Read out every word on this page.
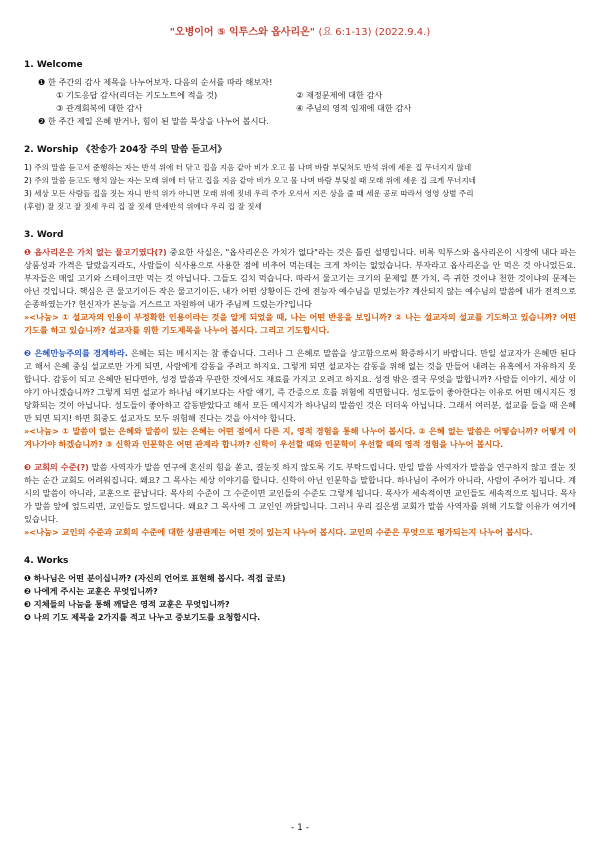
"오병이어 ⑤ 익투스와 옵사리온" (요 6:1-13) (2022.9.4.)
1. Welcome
❶ 한 주간의 감사 제목을 나누어보자. 다음의 순서를 따라 해보자!
① 기도응답 감사(리더는 기도노트에 적을 것)	② 재정문제에 대한 감사
③ 관계회복에 대한 감사	④ 주님의 영적 임재에 대한 감사
❷ 한 주간 제일 은혜 받거나, 힘이 된 말씀 묵상을 나누어 봅시다.
2. Worship 《찬송가 204장 주의 말씀 듣고서》
1) 주의 말씀 듣고서 준행하는 자는 반석 위에 터 닦고 집을 지음 같아 비가 오고 물 나며 바람 부딪쳐도 반석 위에 세운 집 무너지지 않네
2) 주의 말씀 듣고도 행치 않는 자는 모래 위에 터 닦고 집을 지음 같아 비가 오고 물 나며 바람 부딪칠 때 모래 위에 세운 집 크게 무너지네
3) 세상 모든 사람들 집을 짓는 자니 반석 위가 아니면 모래 위에 짓네 우리 주가 오셔서 지은 상을 줄 때 세운 공로 따라서 영영 상벌 주리
(후렴) 잘 짓고 잘 짓세 우리 집 잘 짓세 만세반석 위에다 우리 집 잘 짓세
3. Word
❶ 옵사리온은 가치 없는 물고기였다(?) 중요한 사실은, "옵사리온은 가치가 없다"라는 것은 틀린 설명입니다. 비록 익투스와 옵사리온이 시장에 내다 파는 상품성과 가격은 달랐을지라도, 사람들이 식사용으로 사용한 점에 비추어 먹는데는 크게 차이는 없었습니다. 부자라고 옵사리온을 안 먹은 것 아니었든요. 부자들은 매일 고기와 스테이크만 먹는 것 아닙니다. 그들도 김치 먹습니다. 따라서 물고기는 크기의 문제일 뿐 가치, 즉 귀한 것이냐 천한 것이냐의 문제는 아닌 것입니다. 핵심은 큰 물고기이든 작은 물고기이든, 내가 어떤 상황이든 간에 전능자 예수님을 믿었는가? 계산되지 않는 예수님의 말씀에 내가 전적으로 순종하였는가? 헌신자가 본능을 거스르고 자원하여 내가 주님께 드렸는가?입니다
»<나눔> ① 설교자의 인용이 부정확한 인용이라는 것을 알게 되었을 때, 나는 어떤 반응을 보입니까? ② 나는 설교자의 설교를 기도하고 있습니까? 어떤 기도를 하고 있습니까? 설교자를 위한 기도제목을 나누어 봅시다. 그리고 기도합시다.
❷ 은혜만능주의를 경계하라. 은혜는 되는 메시지는 참 좋습니다. 그러나 그 은혜로 말씀을 상고함으로써 확증하시기 바랍니다. 만일 설교자가 은혜만 된다고 해서 은혜 중심 설교로만 가게 되면, 사람에게 감동을 주려고 하지요. 그렇게 되면 설교자는 감동을 위해 없는 것을 만들어 내려는 유혹에서 자유하지 못합니다. 감동이 되고 은혜만 된다면야, 성경 말씀과 무관한 것에서도 재료를 가지고 오려고 하지요. 성경 밖은 결국 무엇을 말합니까? 사람들 이야기, 세상 이야기 아니겠습니까? 그렇게 되면 설교가 하나님 얘기보다는 사람 얘기, 즉 간증으로 흐를 위험에 직면합니다. 성도들이 좋아한다는 이유로 어떤 메시지든 정당화되는 것이 아닙니다. 성도들이 좋아하고 감동받았다고 해서 모든 메시지가 하나님의 말씀인 것은 더더욱 아닙니다. 그래서 여러분, 설교를 들을 때 은혜만 되면 되지! 하면 회중도 설교자도 모두 위험해 진다는 것을 아셔야 합니다.
»<나눔> ① 말씀이 없는 은혜와 말씀이 있는 은혜는 어떤 점에서 다른 지, 영적 경험을 통해 나누어 봅시다. ② 은혜 없는 말씀은 어떻습니까? 어떻게 이겨나가야 하겠습니까? ③ 신학과 인문학은 어떤 관계라 합니까? 신학이 우선할 때와 인문학이 우선할 때의 영적 경험을 나누어 봅시다.
❸ 교회의 수준(?) 말씀 사역자가 말씀 연구에 혼신의 힘을 쏟고, 결눈짓 하지 않도록 기도 부탁드립니다. 만일 말씀 사역자가 말씀을 연구하지 않고 결눈 짓 하는 순간 교회도 어려워집니다. 왜요? 그 목사는 세상 이야기를 합니다. 신학이 아닌 인문학을 말합니다. 하나님이 주어가 아니라, 사람이 주어가 됩니다. 계시의 말씀이 아니라, 교훈으로 끝납니다. 목사의 수준이 그 수준이면 교인들의 수준도 그렇게 됩니다. 목사가 세속적이면 교인들도 세속적으로 됩니다. 목사가 말씀 앞에 엎드리면, 교인들도 엎드립니다. 왜요? 그 목사에 그 교인인 까닭입니다. 그러니 우리 길은샘 교회가 말씀 사역자를 위해 기도할 이유가 여기에 있습니다.
»<나눔> 교인의 수준과 교회의 수준에 대한 상관관계는 어떤 것이 있는지 나누어 봅시다. 교인의 수준은 무엇으로 평가되는지 나누어 봅시다.
4. Works
❶ 하나님은 어떤 분이십니까? (자신의 언어로 표현해 봅시다. 적접 글로)
❷ 나에게 주시는 교훈은 무엇입니까?
❸ 지체들의 나눔을 통해 깨달은 영적 교훈은 무엇입니까?
❹ 나의 기도 제목을 2가지를 적고 나누고 중보기도를 요청합시다.
- 1 -
